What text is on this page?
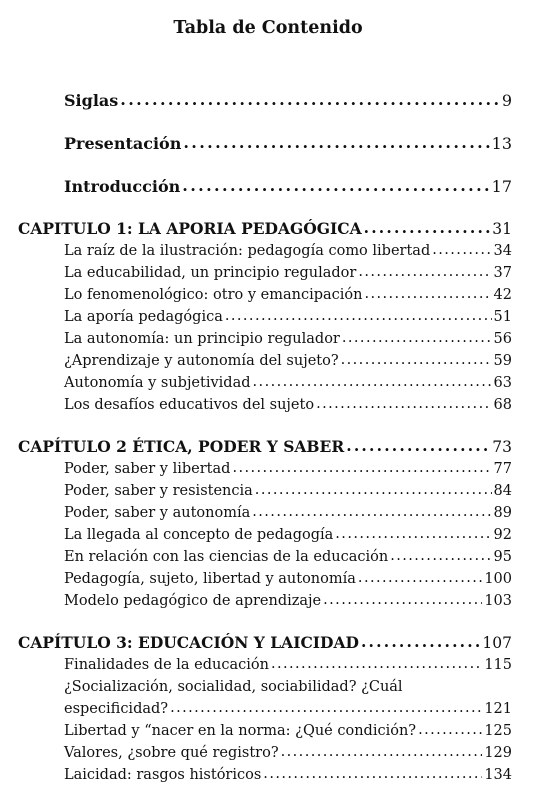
Tabla de Contenido
Siglas . . .	9
Presentación . . .	13
Introducción . . .	17
CAPITULO 1: LA APORIA PEDAGÓGICA . . .	31
La raíz de la ilustración: pedagogía como libertad . . .	34
La educabilidad, un principio regulador . . .	37
Lo fenomenológico: otro y emancipación . . .	42
La aporía pedagógica . . .	51
La autonomía: un principio regulador . . .	56
¿Aprendizaje y autonomía del sujeto? . . .	59
Autonomía y subjetividad . . .	63
Los desafíos educativos del sujeto . . .	68
CAPÍTULO 2 ÉTICA, PODER Y SABER . . .	73
Poder, saber y libertad . . .	77
Poder, saber y resistencia . . .	84
Poder, saber y autonomía . . .	89
La llegada al concepto de pedagogía . . .	92
En relación con las ciencias de la educación . . .	95
Pedagogía, sujeto, libertad y autonomía . . .	100
Modelo pedagógico de aprendizaje . . .	103
CAPÍTULO 3: EDUCACIÓN Y LAICIDAD . . .	107
Finalidades de la educación . . .	115
¿Socialización, socialidad, sociabilidad? ¿Cuál
especificidad? . . .	121
Libertad y “nacer en la norma: ¿Qué condición? . . .	125
Valores, ¿sobre qué registro? . . .	129
Laicidad: rasgos históricos . . .	134
